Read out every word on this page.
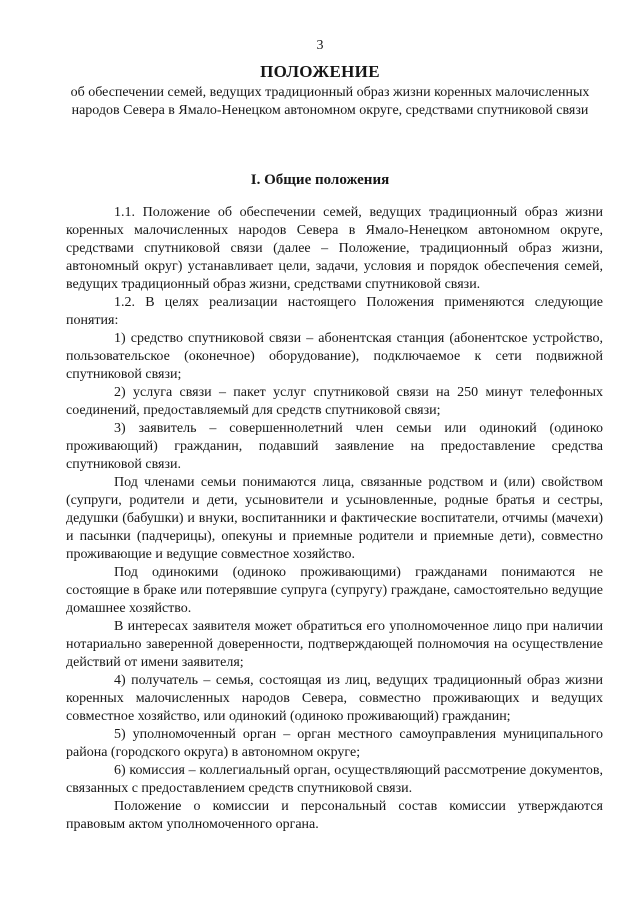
3
ПОЛОЖЕНИЕ
об обеспечении семей, ведущих традиционный образ жизни коренных малочисленных народов Севера в Ямало-Ненецком автономном округе, средствами спутниковой связи
I. Общие положения

1.1. Положение об обеспечении семей, ведущих традиционный образ жизни коренных малочисленных народов Севера в Ямало-Ненецком автономном округе, средствами спутниковой связи (далее – Положение, традиционный образ жизни, автономный округ) устанавливает цели, задачи, условия и порядок обеспечения семей, ведущих традиционный образ жизни, средствами спутниковой связи.

1.2. В целях реализации настоящего Положения применяются следующие понятия:

1) средство спутниковой связи – абонентская станция (абонентское устройство, пользовательское (оконечное) оборудование), подключаемое к сети подвижной спутниковой связи;

2) услуга связи – пакет услуг спутниковой связи на 250 минут телефонных соединений, предоставляемый для средств спутниковой связи;

3) заявитель – совершеннолетний член семьи или одинокий (одиноко проживающий) гражданин, подавший заявление на предоставление средства спутниковой связи.

Под членами семьи понимаются лица, связанные родством и (или) свойством (супруги, родители и дети, усыновители и усыновленные, родные братья и сестры, дедушки (бабушки) и внуки, воспитанники и фактические воспитатели, отчимы (мачехи) и пасынки (падчерицы), опекуны и приемные родители и приемные дети), совместно проживающие и ведущие совместное хозяйство.

Под одинокими (одиноко проживающими) гражданами понимаются не состоящие в браке или потерявшие супруга (супругу) граждане, самостоятельно ведущие домашнее хозяйство.

В интересах заявителя может обратиться его уполномоченное лицо при наличии нотариально заверенной доверенности, подтверждающей полномочия на осуществление действий от имени заявителя;

4) получатель – семья, состоящая из лиц, ведущих традиционный образ жизни коренных малочисленных народов Севера, совместно проживающих и ведущих совместное хозяйство, или одинокий (одиноко проживающий) гражданин;

5) уполномоченный орган – орган местного самоуправления муниципального района (городского округа) в автономном округе;

6) комиссия – коллегиальный орган, осуществляющий рассмотрение документов, связанных с предоставлением средств спутниковой связи.

Положение о комиссии и персональный состав комиссии утверждаются правовым актом уполномоченного органа.
